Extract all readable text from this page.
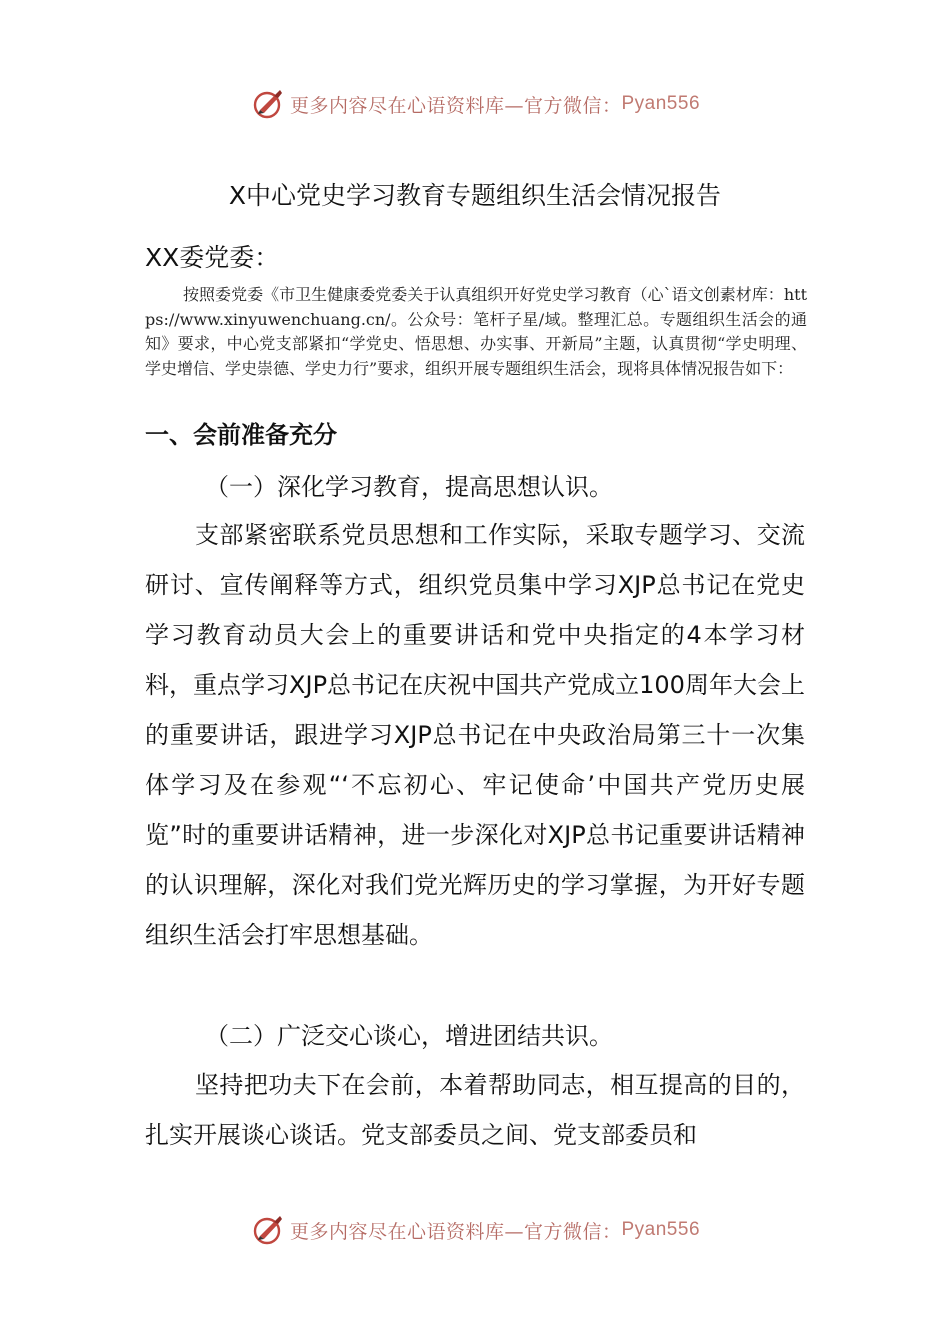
更多内容尽在心语资料库—官方微信： Pyan556
X中心党史学习教育专题组织生活会情况报告
XX委党委：
按照委党委《市卫生健康委党委关于认真组织开好党史学习教育（心`语文创素材库：https://www.xinyuwenchuang.cn/。公众号：笔杆子星/域。整理汇总。专题组织生活会的通知》要求，中心党支部紧扣“学党史、悟思想、办实事、开新局”主题，认真贯彻“学史明理、学史增信、学史崇德、学史力行”要求，组织开展专题组织生活会，现将具体情况报告如下：
一、会前准备充分
（一）深化学习教育，提高思想认识。
支部紧密联系党员思想和工作实际，采取专题学习、交流研讨、宣传阐释等方式，组织党员集中学习XJP总书记在党史学习教育动员大会上的重要讲话和党中央指定的4本学习材料，重点学习XJP总书记在庆祝中国共产党成立100周年大会上的重要讲话，跟进学习XJP总书记在中央政治局第三十一次集体学习及在参观“‘不忘初心、牢记使命’中国共产党历史展览”时的重要讲话精神，进一步深化对XJP总书记重要讲话精神的认识理解，深化对我们党光辉历史的学习掌握，为开好专题组织生活会打牢思想基础。
（二）广泛交心谈心，增进团结共识。
坚持把功夫下在会前，本着帮助同志，相互提高的目的，扎实开展谈心谈话。党支部委员之间、党支部委员和
更多内容尽在心语资料库—官方微信： Pyan556
